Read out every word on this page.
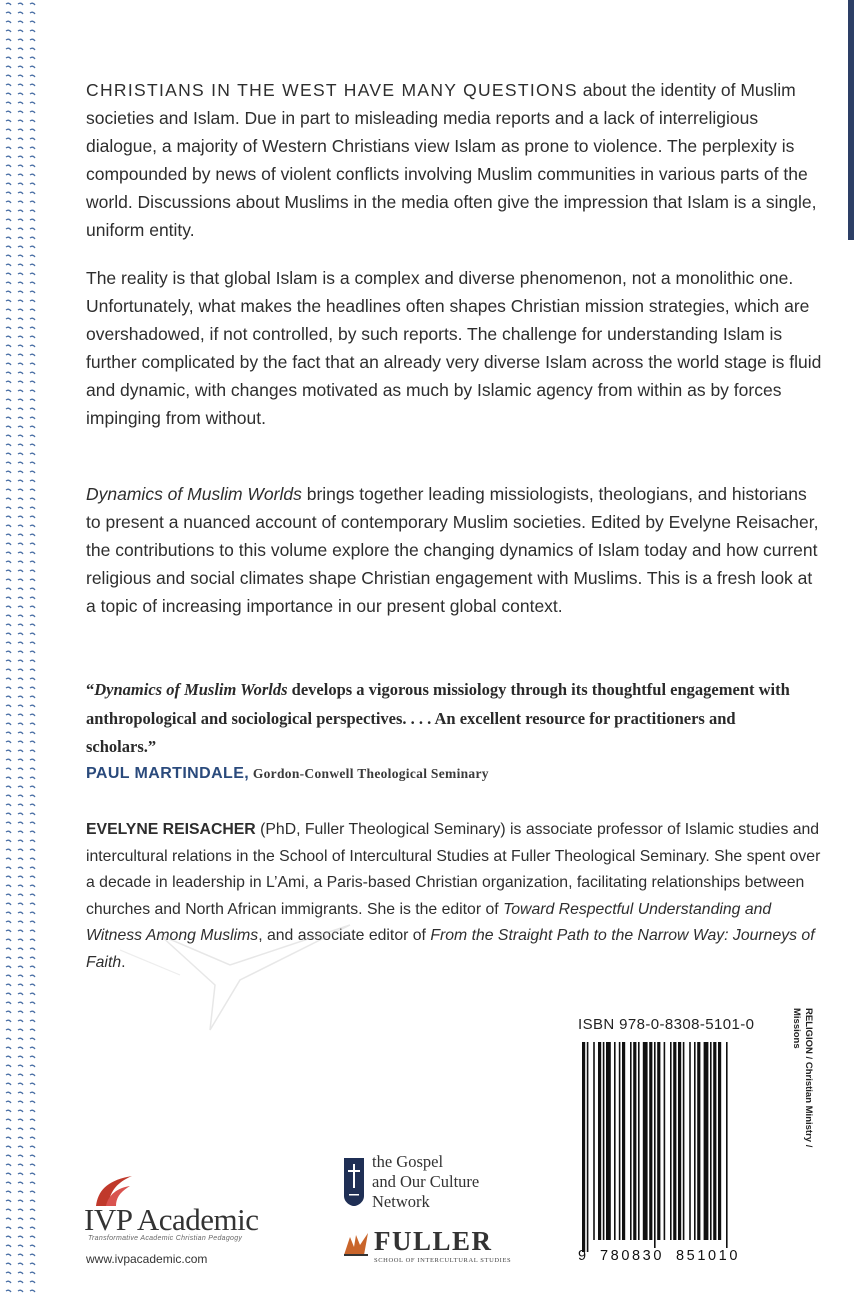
CHRISTIANS IN THE WEST HAVE MANY QUESTIONS about the identity of Muslim societies and Islam. Due in part to misleading media reports and a lack of interreligious dialogue, a majority of Western Christians view Islam as prone to violence. The perplexity is compounded by news of violent conflicts involving Muslim communities in various parts of the world. Discussions about Muslims in the media often give the impression that Islam is a single, uniform entity.

The reality is that global Islam is a complex and diverse phenomenon, not a monolithic one. Unfortunately, what makes the headlines often shapes Christian mission strategies, which are overshadowed, if not controlled, by such reports. The challenge for understanding Islam is further complicated by the fact that an already very diverse Islam across the world stage is fluid and dynamic, with changes motivated as much by Islamic agency from within as by forces impinging from without.

Dynamics of Muslim Worlds brings together leading missiologists, theologians, and historians to present a nuanced account of contemporary Muslim societies. Edited by Evelyne Reisacher, the contributions to this volume explore the changing dynamics of Islam today and how current religious and social climates shape Christian engagement with Muslims. This is a fresh look at a topic of increasing importance in our present global context.

“Dynamics of Muslim Worlds develops a vigorous missiology through its thoughtful engagement with anthropological and sociological perspectives. . . . An excellent resource for practitioners and scholars.”

PAUL MARTINDALE, Gordon-Conwell Theological Seminary

EVELYNE REISACHER (PhD, Fuller Theological Seminary) is associate professor of Islamic studies and intercultural relations in the School of Intercultural Studies at Fuller Theological Seminary. She spent over a decade in leadership in L’Ami, a Paris-based Christian organization, facilitating relationships between churches and North African immigrants. She is the editor of Toward Respectful Understanding and Witness Among Muslims, and associate editor of From the Straight Path to the Narrow Way: Journeys of Faith.

ISBN 978-0-8308-5101-0
9 780830 851010
RELIGION / Christian Ministry /
Missions
IVP Academic
Transformative Academic Christian Pedagogy
www.ivpacademic.com
the Gospel
and Our Culture
Network
FULLER
SCHOOL OF INTERCULTURAL STUDIES
